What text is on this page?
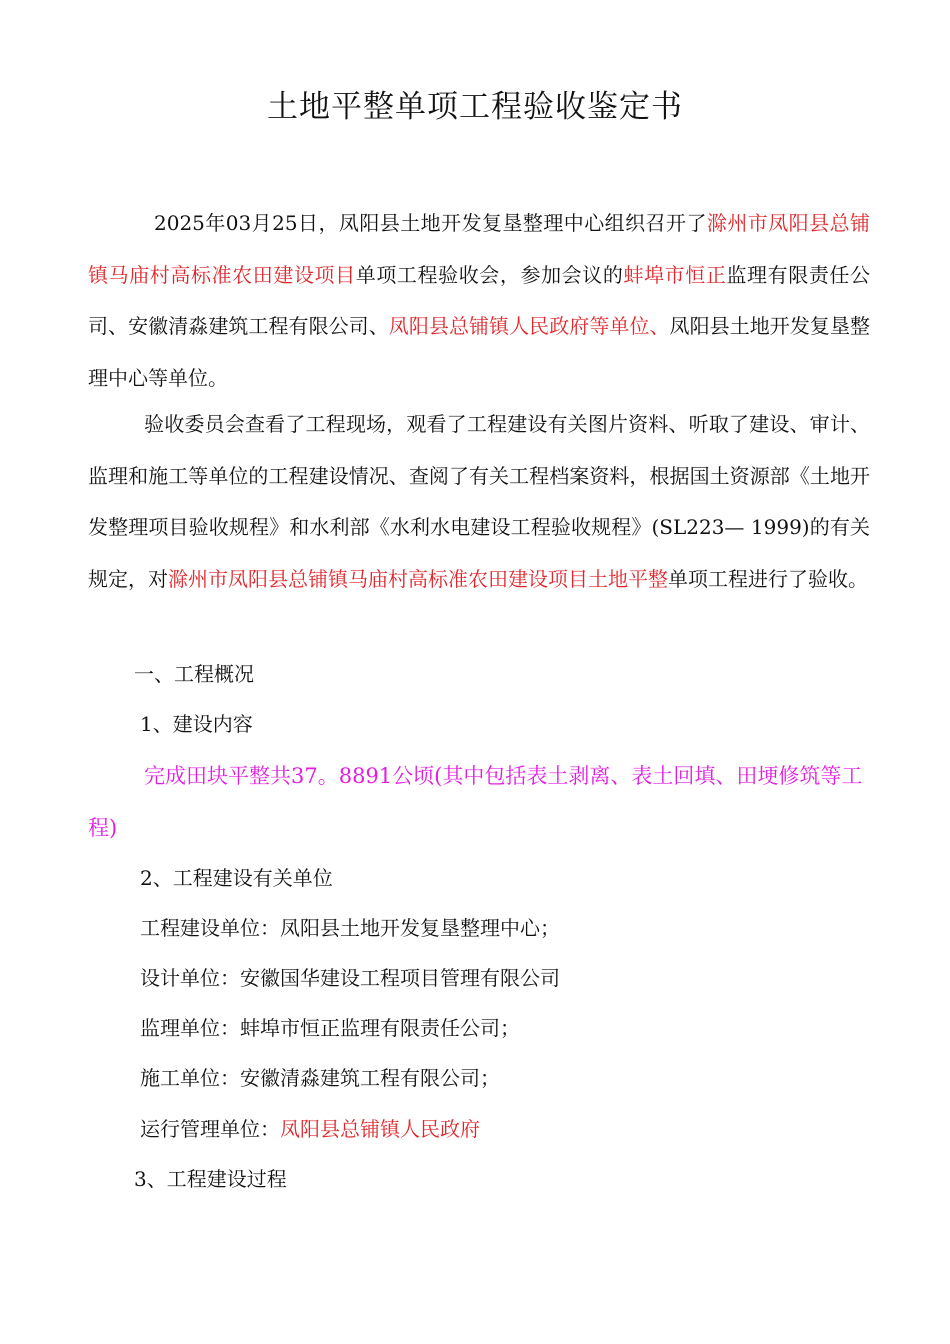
土地平整单项工程验收鉴定书
2025年03月25日，凤阳县土地开发复垦整理中心组织召开了滁州市凤阳县总铺镇马庙村高标准农田建设项目单项工程验收会，参加会议的蚌埠市恒正监理有限责任公司、安徽清淼建筑工程有限公司、凤阳县总铺镇人民政府等单位、凤阳县土地开发复垦整理中心等单位。
验收委员会查看了工程现场，观看了工程建设有关图片资料、听取了建设、审计、监理和施工等单位的工程建设情况、查阅了有关工程档案资料，根据国土资源部《土地开发整理项目验收规程》和水利部《水利水电建设工程验收规程》(SL223— 1999)的有关规定，对滁州市凤阳县总铺镇马庙村高标准农田建设项目土地平整单项工程进行了验收。
一、工程概况
1、建设内容
完成田块平整共37。8891公顷(其中包括表土剥离、表土回填、田埂修筑等工程)
2、工程建设有关单位
工程建设单位：凤阳县土地开发复垦整理中心；
设计单位：安徽国华建设工程项目管理有限公司
监理单位：蚌埠市恒正监理有限责任公司；
施工单位：安徽清淼建筑工程有限公司；
运行管理单位：凤阳县总铺镇人民政府
3、工程建设过程
